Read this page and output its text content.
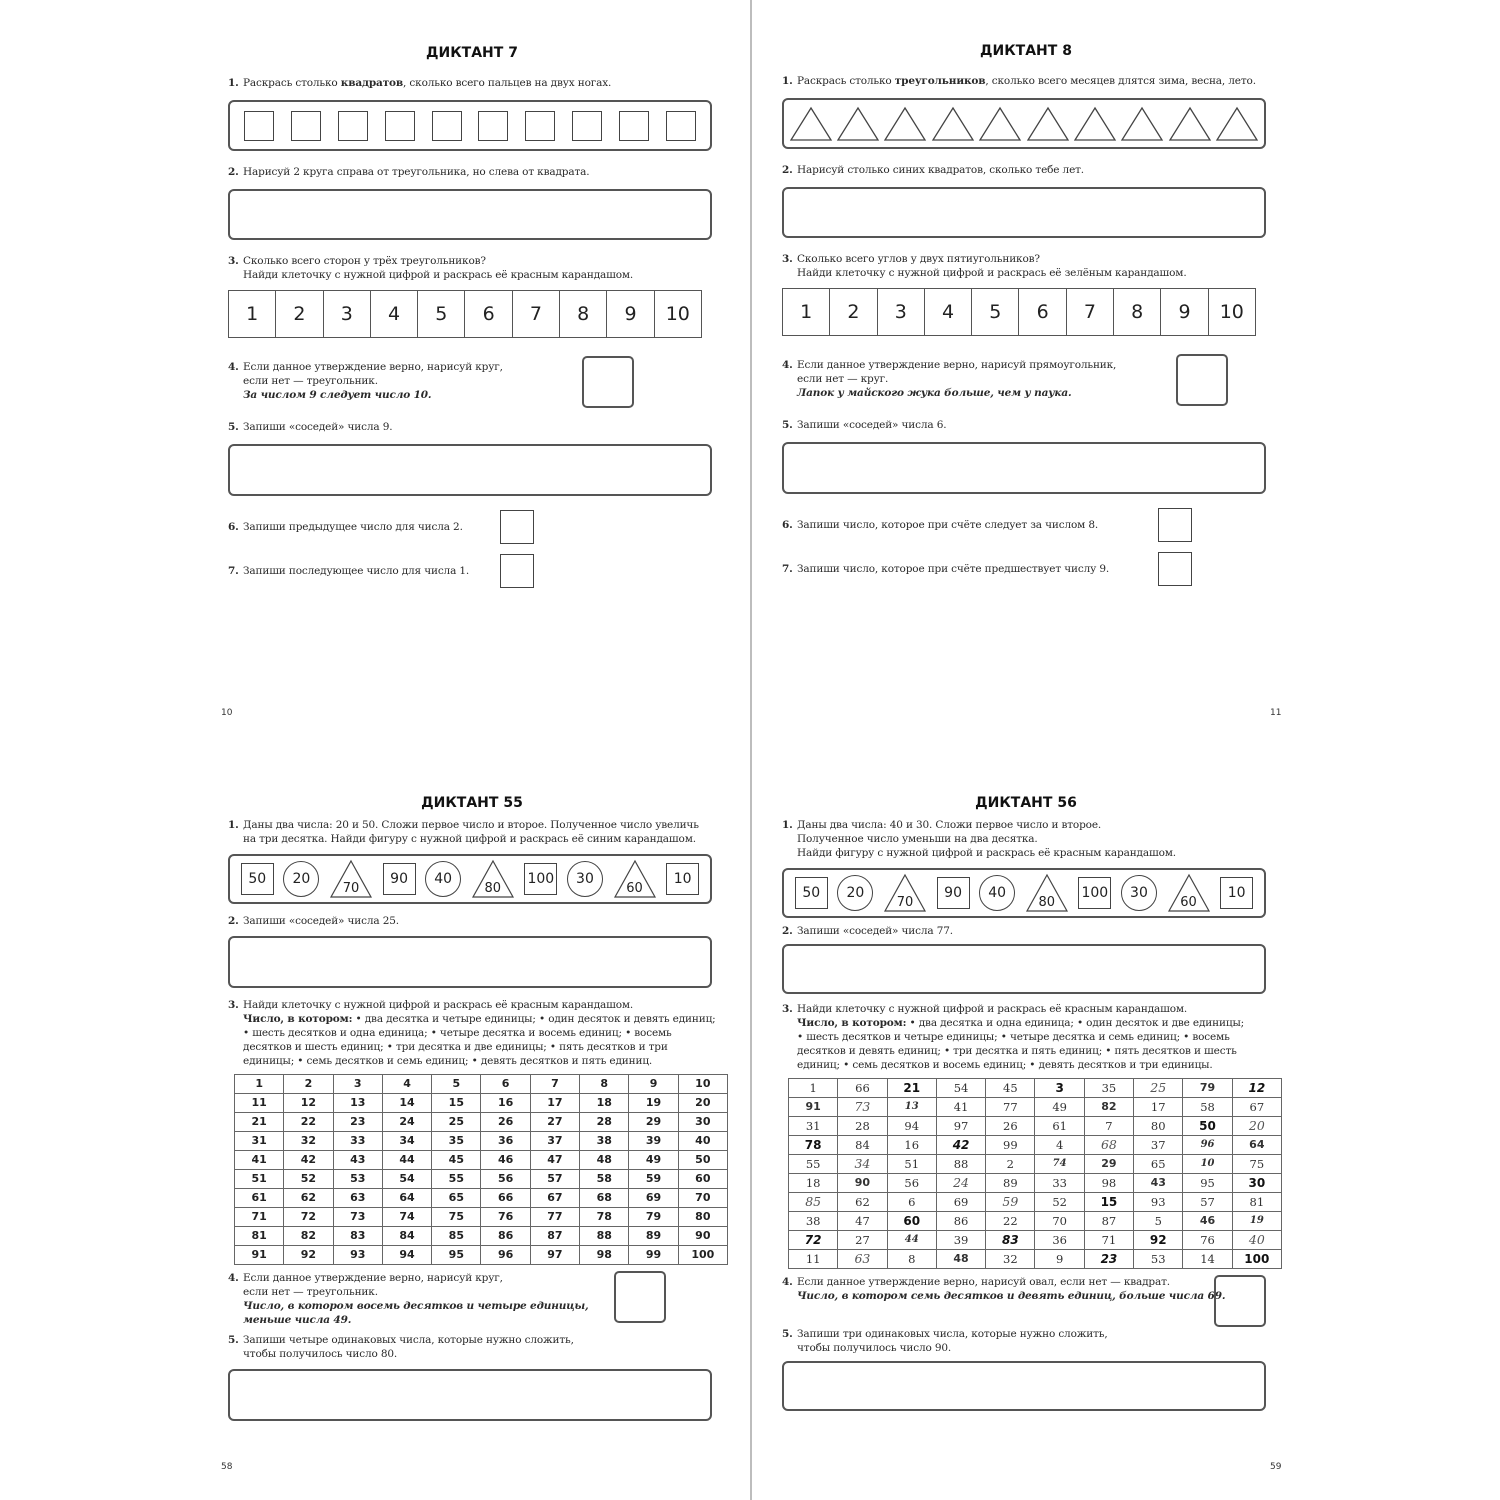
ДИКТАНТ 7
1. Раскрась столько квадратов, сколько всего пальцев на двух ногах.
2. Нарисуй 2 круга справа от треугольника, но слева от квадрата.
3. Сколько всего сторон у трёх треугольников?
Найди клеточку с нужной цифрой и раскрась её красным карандашом.
1	2	3	4	5	6	7	8	9	10
4. Если данное утверждение верно, нарисуй круг,
если нет — треугольник.
За числом 9 следует число 10.
5. Запиши «соседей» числа 9.
6. Запиши предыдущее число для числа 2.
7. Запиши последующее число для числа 1.
10
ДИКТАНТ 8
1. Раскрась столько треугольников, сколько всего месяцев длятся зима, весна, лето.
2. Нарисуй столько синих квадратов, сколько тебе лет.
3. Сколько всего углов у двух пятиугольников?
Найди клеточку с нужной цифрой и раскрась её зелёным карандашом.
1	2	3	4	5	6	7	8	9	10
4. Если данное утверждение верно, нарисуй прямоугольник,
если нет — круг.
Лапок у майского жука больше, чем у паука.
5. Запиши «соседей» числа 6.
6. Запиши число, которое при счёте следует за числом 8.
7. Запиши число, которое при счёте предшествует числу 9.
11
ДИКТАНТ 55
1. Даны два числа: 20 и 50. Сложи первое число и второе. Полученное число увеличь
на три десятка. Найди фигуру с нужной цифрой и раскрась её синим карандашом.
50	20
70
90	40
80
100	30
60
10
2. Запиши «соседей» числа 25.
3. Найди клеточку с нужной цифрой и раскрась её красным карандашом.
Число, в котором: • два десятка и четыре единицы; • один десяток и девять единиц;
• шесть десятков и одна единица; • четыре десятка и восемь единиц; • восемь
десятков и шесть единиц; • три десятка и две единицы; • пять десятков и три
единицы; • семь десятков и семь единиц; • девять десятков и пять единиц.
1	2	3	4	5	6	7	8	9	10
11	12	13	14	15	16	17	18	19	20
21	22	23	24	25	26	27	28	29	30
31	32	33	34	35	36	37	38	39	40
41	42	43	44	45	46	47	48	49	50
51	52	53	54	55	56	57	58	59	60
61	62	63	64	65	66	67	68	69	70
71	72	73	74	75	76	77	78	79	80
81	82	83	84	85	86	87	88	89	90
91	92	93	94	95	96	97	98	99	100
4. Если данное утверждение верно, нарисуй круг,
если нет — треугольник.
Число, в котором восемь десятков и четыре единицы,
меньше числа 49.
5. Запиши четыре одинаковых числа, которые нужно сложить,
чтобы получилось число 80.
58
ДИКТАНТ 56
1. Даны два числа: 40 и 30. Сложи первое число и второе.
Полученное число уменьши на два десятка.
Найди фигуру с нужной цифрой и раскрась её красным карандашом.
50	20
70
90	40
80
100	30
60
10
2. Запиши «соседей» числа 77.
3. Найди клеточку с нужной цифрой и раскрась её красным карандашом.
Число, в котором: • два десятка и одна единица; • один десяток и две единицы;
• шесть десятков и четыре единицы; • четыре десятка и семь единиц; • восемь
десятков и девять единиц; • три десятка и пять единиц; • пять десятков и шесть
единиц; • семь десятков и восемь единиц; • девять десятков и три единицы.
1	66	21	54	45	3	35	25	79	12
91	73	13	41	77	49	82	17	58	67
31	28	94	97	26	61	7	80	50	20
78	84	16	42	99	4	68	37	96	64
55	34	51	88	2	74	29	65	10	75
18	90	56	24	89	33	98	43	95	30
85	62	6	69	59	52	15	93	57	81
38	47	60	86	22	70	87	5	46	19
72	27	44	39	83	36	71	92	76	40
11	63	8	48	32	9	23	53	14	100
4. Если данное утверждение верно, нарисуй овал, если нет — квадрат.
Число, в котором семь десятков и девять единиц, больше числа 69.
5. Запиши три одинаковых числа, которые нужно сложить,
чтобы получилось число 90.
59
